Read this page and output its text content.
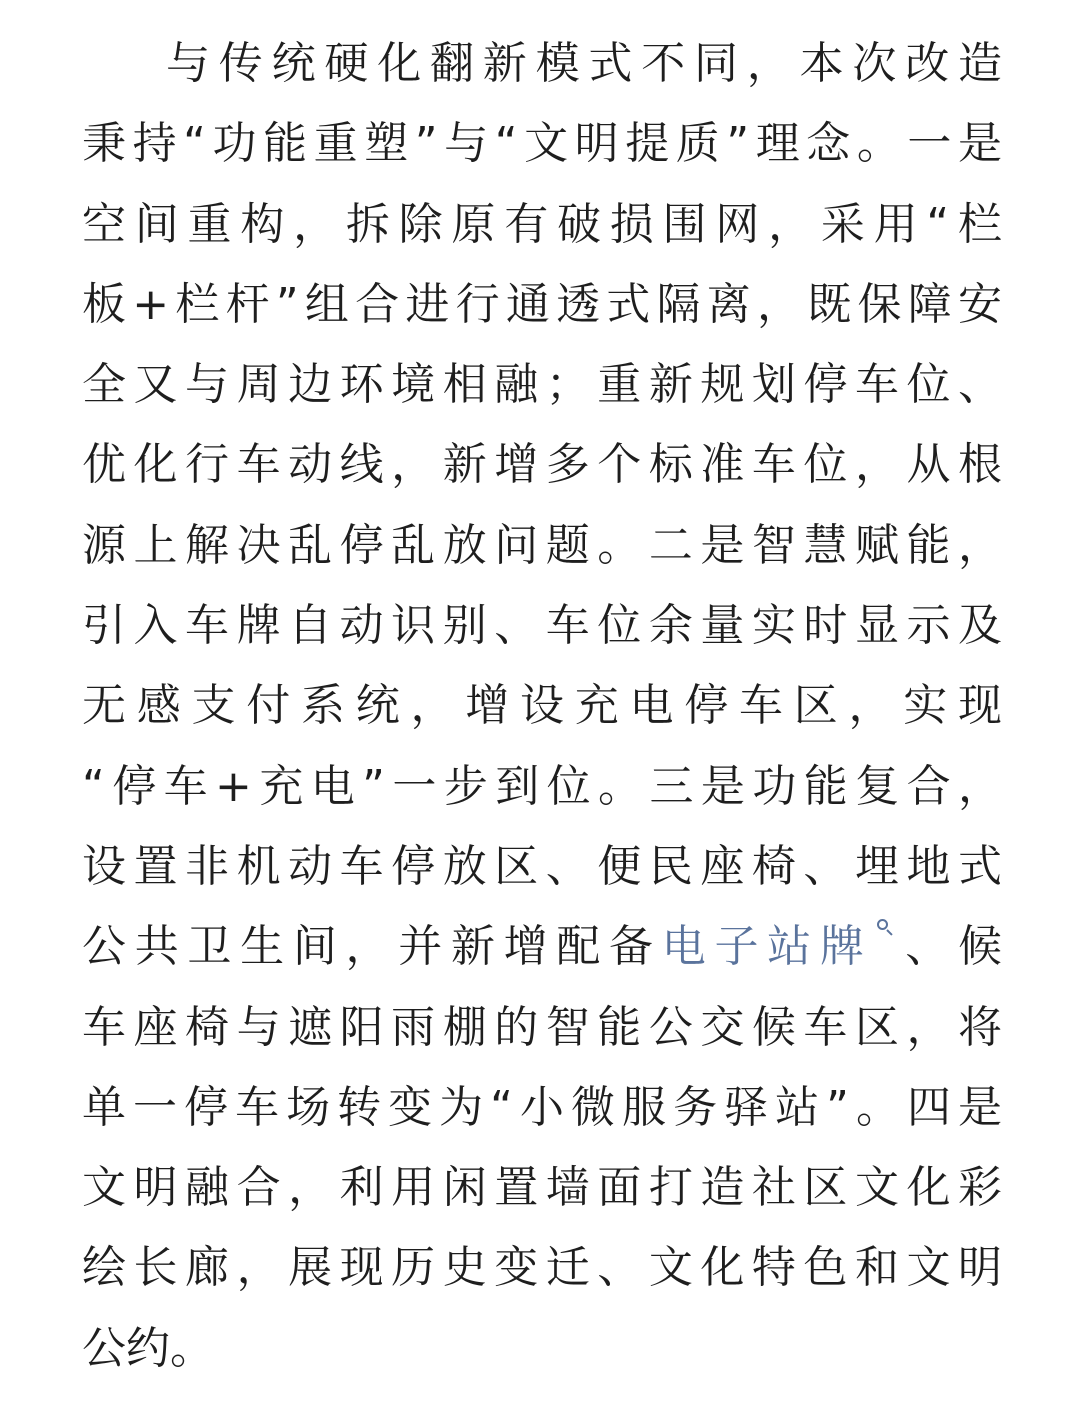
与传统硬化翻新模式不同，本次改造
秉持“功能重塑”与“文明提质”理念。一是
空间重构，拆除原有破损围网，采用“栏
板+栏杆”组合进行通透式隔离，既保障安
全又与周边环境相融；重新规划停车位、
优化行车动线，新增多个标准车位，从根
源上解决乱停乱放问题。二是智慧赋能，
引入车牌自动识别、车位余量实时显示及
无感支付系统，增设充电停车区，实现
“停车+充电”一步到位。三是功能复合，
设置非机动车停放区、便民座椅、埋地式
公共卫生间，并新增配备电子站牌 、候
车座椅与遮阳雨棚的智能公交候车区，将
单一停车场转变为“小微服务驿站”。四是
文明融合，利用闲置墙面打造社区文化彩
绘长廊，展现历史变迁、文化特色和文明
公约。
